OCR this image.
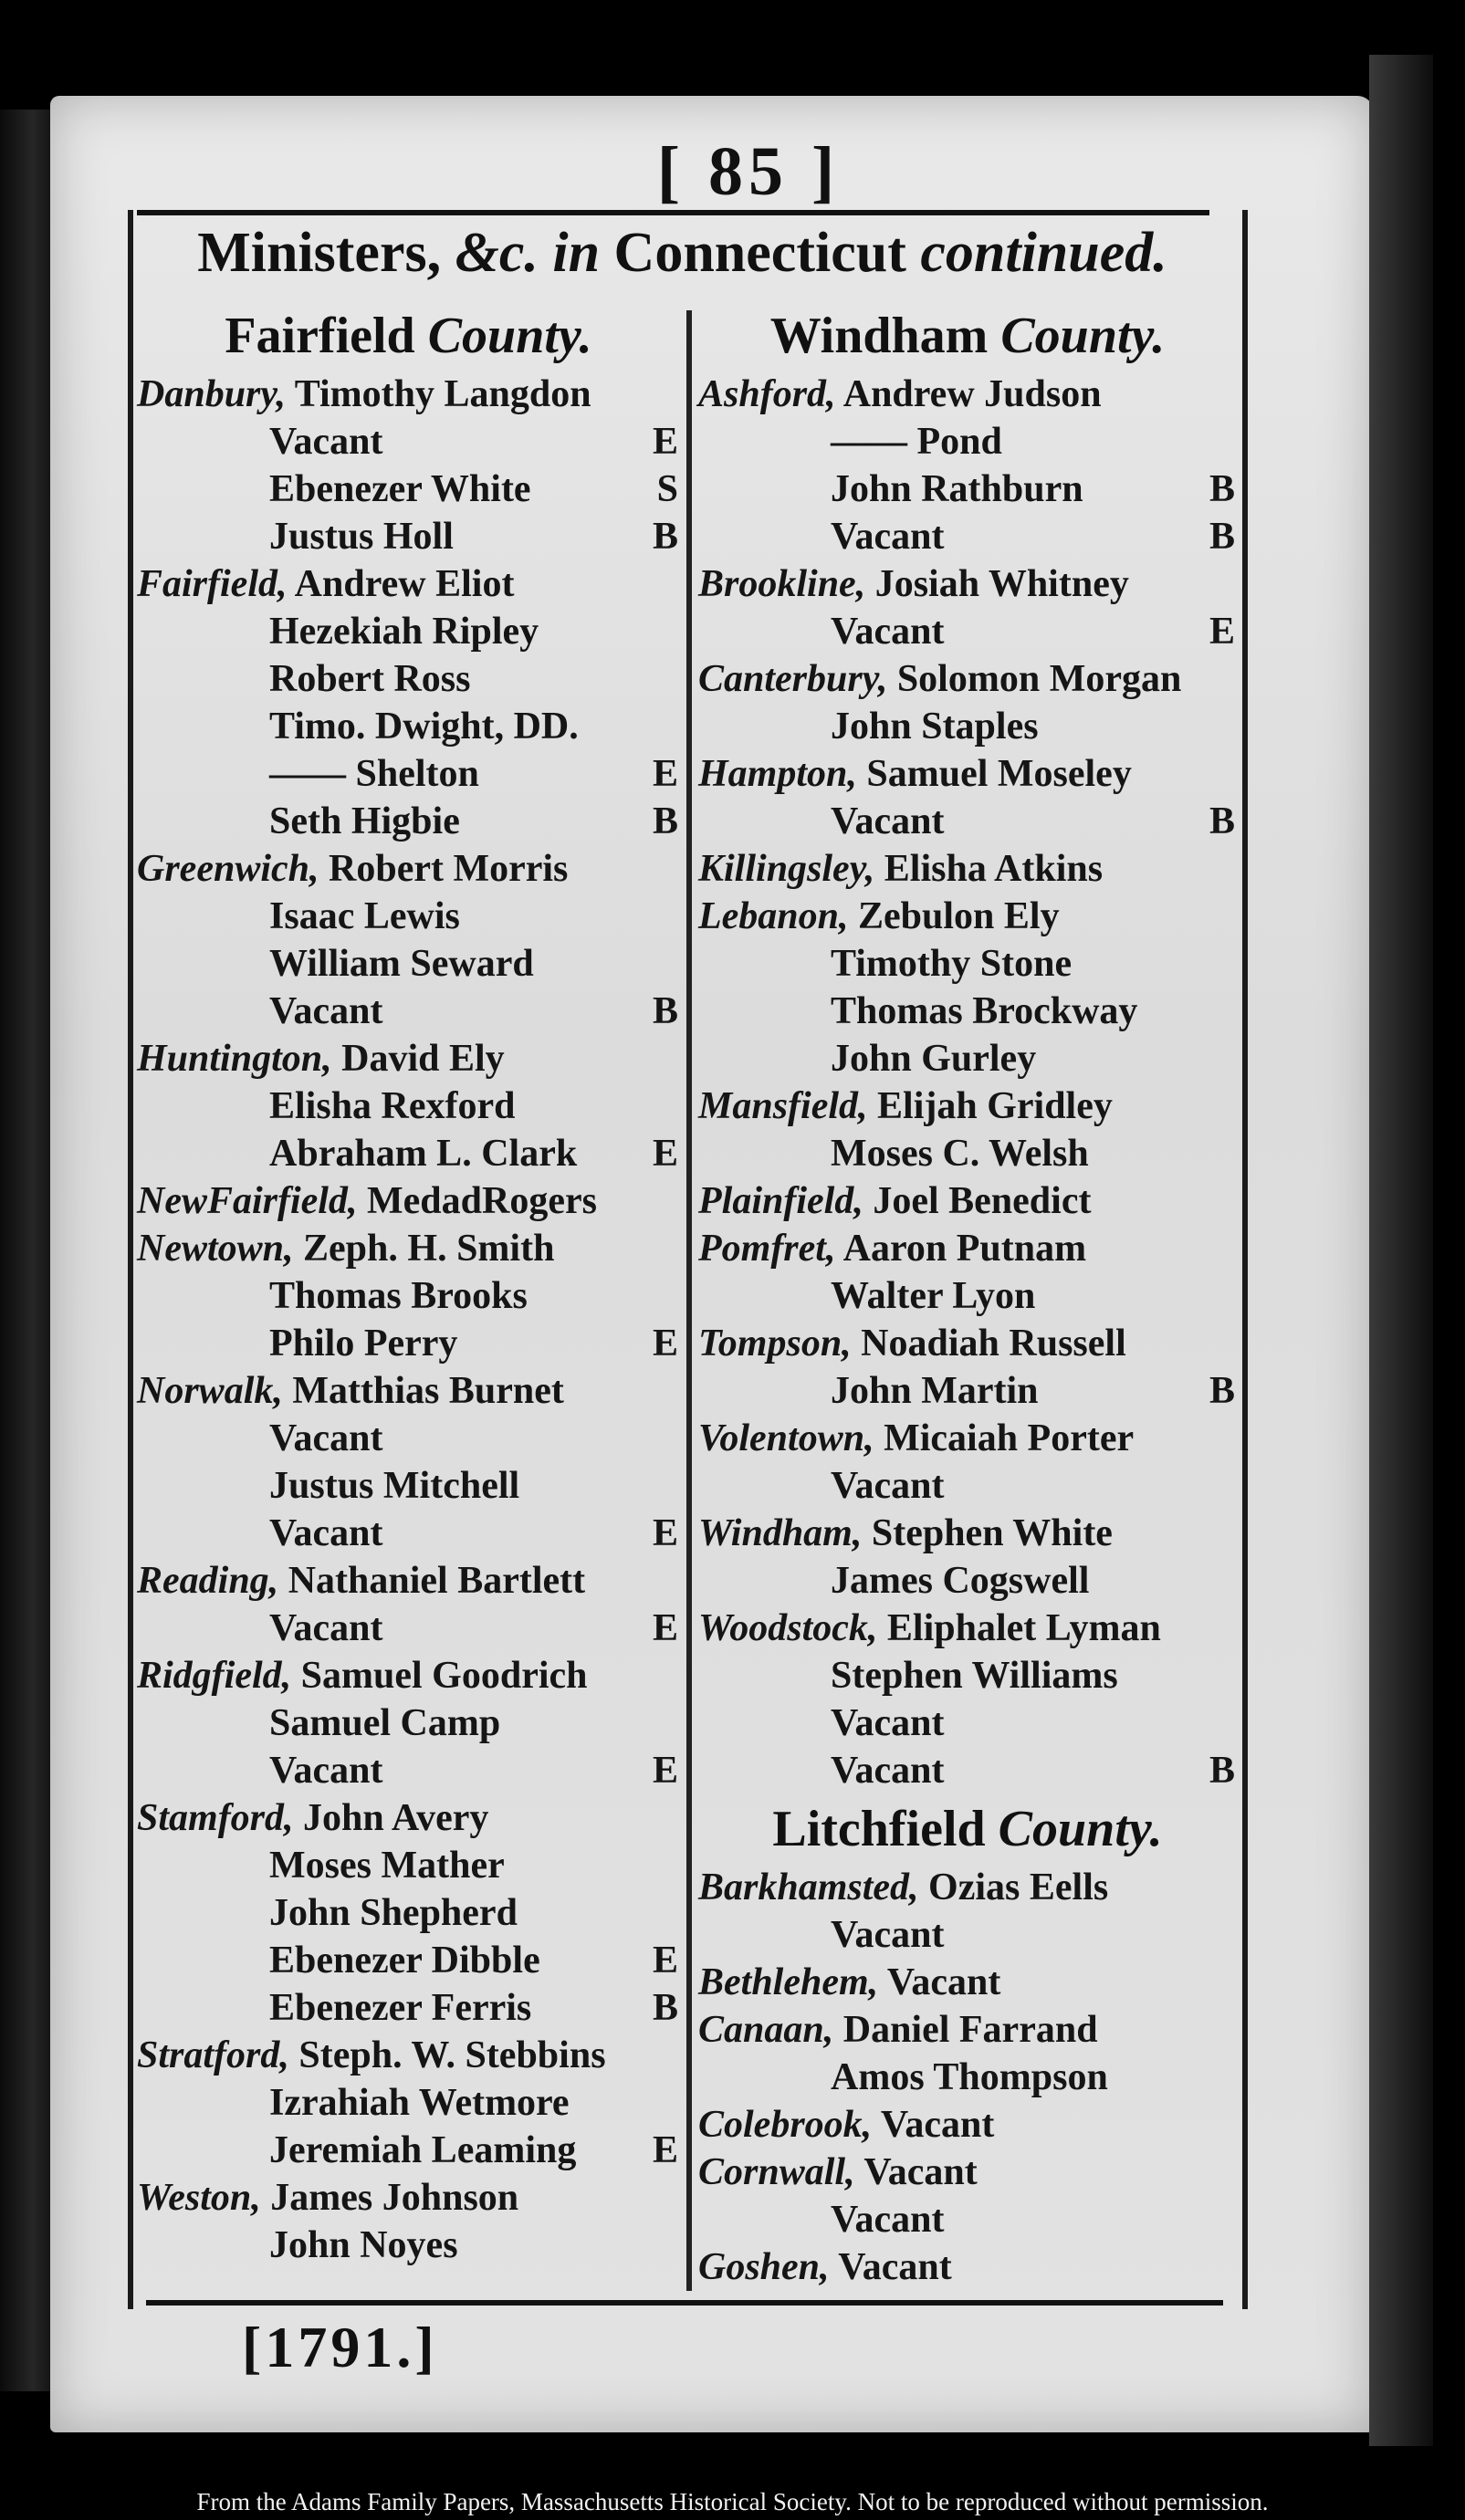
[ 85 ]
Ministers, &c. in Connecticut continued.
Fairfield County.
Danbury, Timothy Langdon
Vacant	E
Ebenezer White	S
Justus Holl	B
Fairfield, Andrew Eliot
Hezekiah Ripley
Robert Ross
Timo. Dwight, DD.
—— Shelton	E
Seth Higbie	B
Greenwich, Robert Morris
Isaac Lewis
William Seward
Vacant	B
Huntington, David Ely
Elisha Rexford
Abraham L. Clark E
NewFairfield, MedadRogers
Newtown, Zeph. H. Smith
Thomas Brooks
Philo Perry	E
Norwalk, Matthias Burnet
Vacant
Justus Mitchell
Vacant	E
Reading, Nathaniel Bartlett
Vacant	E
Ridgfield, Samuel Goodrich
Samuel Camp
Vacant	E
Stamford, John Avery
Moses Mather
John Shepherd
Ebenezer Dibble	E
Ebenezer Ferris	B
Stratford, Steph. W. Stebbins
Izrahiah Wetmore
Jeremiah Leaming E
Weston, James Johnson
John Noyes
Windham County.
Ashford, Andrew Judson
—— Pond
John Rathburn	B
Vacant	B
Brookline, Josiah Whitney
Vacant	E
Canterbury, Solomon Morgan
John Staples
Hampton, Samuel Moseley
Vacant	B
Killingsley, Elisha Atkins
Lebanon, Zebulon Ely
Timothy Stone
Thomas Brockway
John Gurley
Mansfield, Elijah Gridley
Moses C. Welsh
Plainfield, Joel Benedict
Pomfret, Aaron Putnam
Walter Lyon
Tompson, Noadiah Russell
John Martin	B
Volentown, Micaiah Porter
Vacant
Windham, Stephen White
James Cogswell
Woodstock, Eliphalet Lyman
Stephen Williams
Vacant
Vacant	B
Litchfield County.
Barkhamsted, Ozias Eells
Vacant
Bethlehem, Vacant
Canaan, Daniel Farrand
Amos Thompson
Colebrook, Vacant
Cornwall, Vacant
Vacant
Goshen, Vacant
[1791.]
From the Adams Family Papers, Massachusetts Historical Society. Not to be reproduced without permission.
